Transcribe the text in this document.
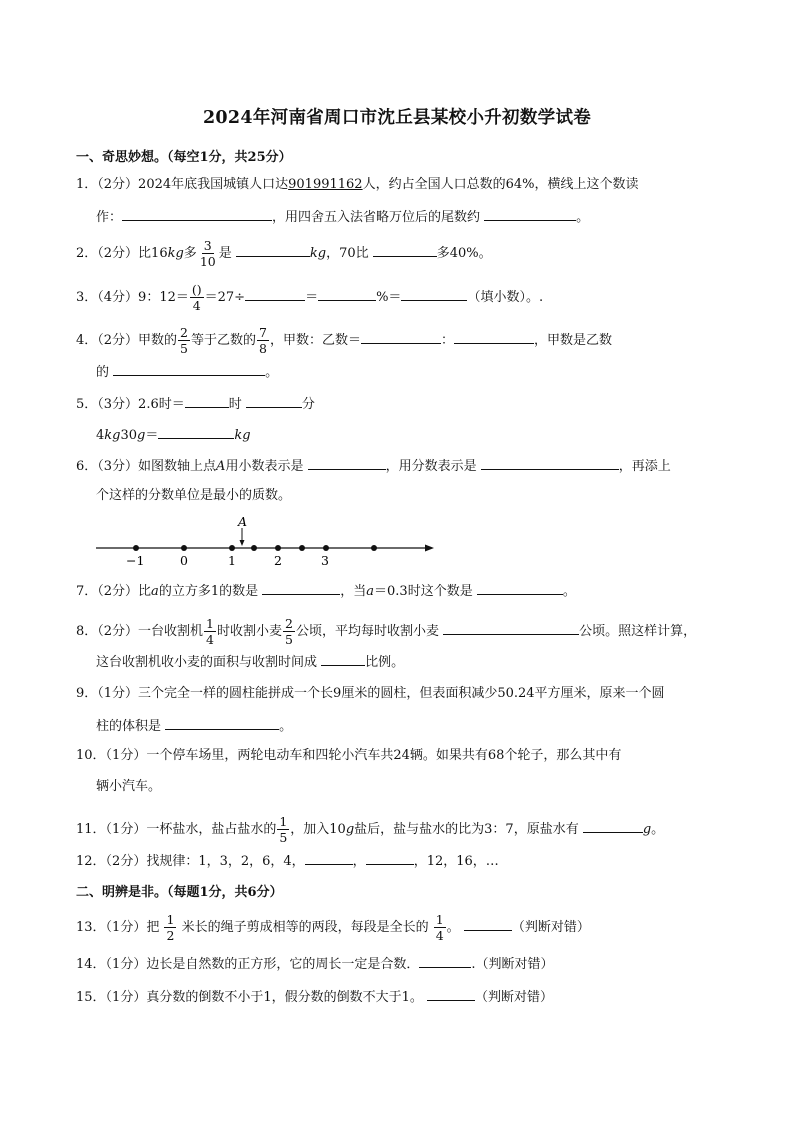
2024年河南省周口市沈丘县某校小升初数学试卷
一、奇思妙想。（每空1分，共25分）
1．（2分）2024年底我国城镇人口达901991162人，约占全国人口总数的64%，横线上这个数读
作：	，用四舍五入法省略万位后的尾数约	。
2．（2分）比16kg多 $\frac{3}{10}$ 是	kg，70比	多40%。
3．（4分）9：$12= \frac{()}{4} =27\div$	＝	%＝	（填小数）。.
4．（2分）甲数的 $\frac{2}{5}$ 等于乙数的 $\frac{7}{8}$ ，甲数：乙数＝	：	，甲数是乙数
的	。
5．（3分）2.6时＝	时	分
4kg30g＝	kg
6．（3分）如图数轴上点A用小数表示是	，用分数表示是	，再添上
个这样的分数单位是最小的质数。
A
−1	0	1	2	3
7．（2分）比a的立方多1的数是	，当a＝0.3时这个数是	。
8．（2分）一台收割机 $\frac{1}{4}$ 时收割小麦 $\frac{2}{5}$ 公顷，平均每时收割小麦	公顷。照这样计算，
这台收割机收小麦的面积与收割时间成	比例。
9．（1分）三个完全一样的圆柱能拼成一个长9厘米的圆柱，但表面积减少50.24平方厘米，原来一个圆
柱的体积是	。
10．（1分）一个停车场里，两轮电动车和四轮小汽车共24辆。如果共有68个轮子，那么其中有
辆小汽车。
11．（1分）一杯盐水，盐占盐水的 $\frac{1}{5}$ ，加入10g盐后，盐与盐水的比为3：7，原盐水有	g。
12．（2分）找规律：1，3，2，6，4，	，	，12，16，…
二、明辨是非。（每题1分，共6分）
13．（1分）把 $\frac{1}{2}$ 米长的绳子剪成相等的两段，每段是全长的 $\frac{1}{4}$ 。	（判断对错）
14．（1分）边长是自然数的正方形，它的周长一定是合数．	.（判断对错）
15．（1分）真分数的倒数不小于1，假分数的倒数不大于1。	（判断对错）
